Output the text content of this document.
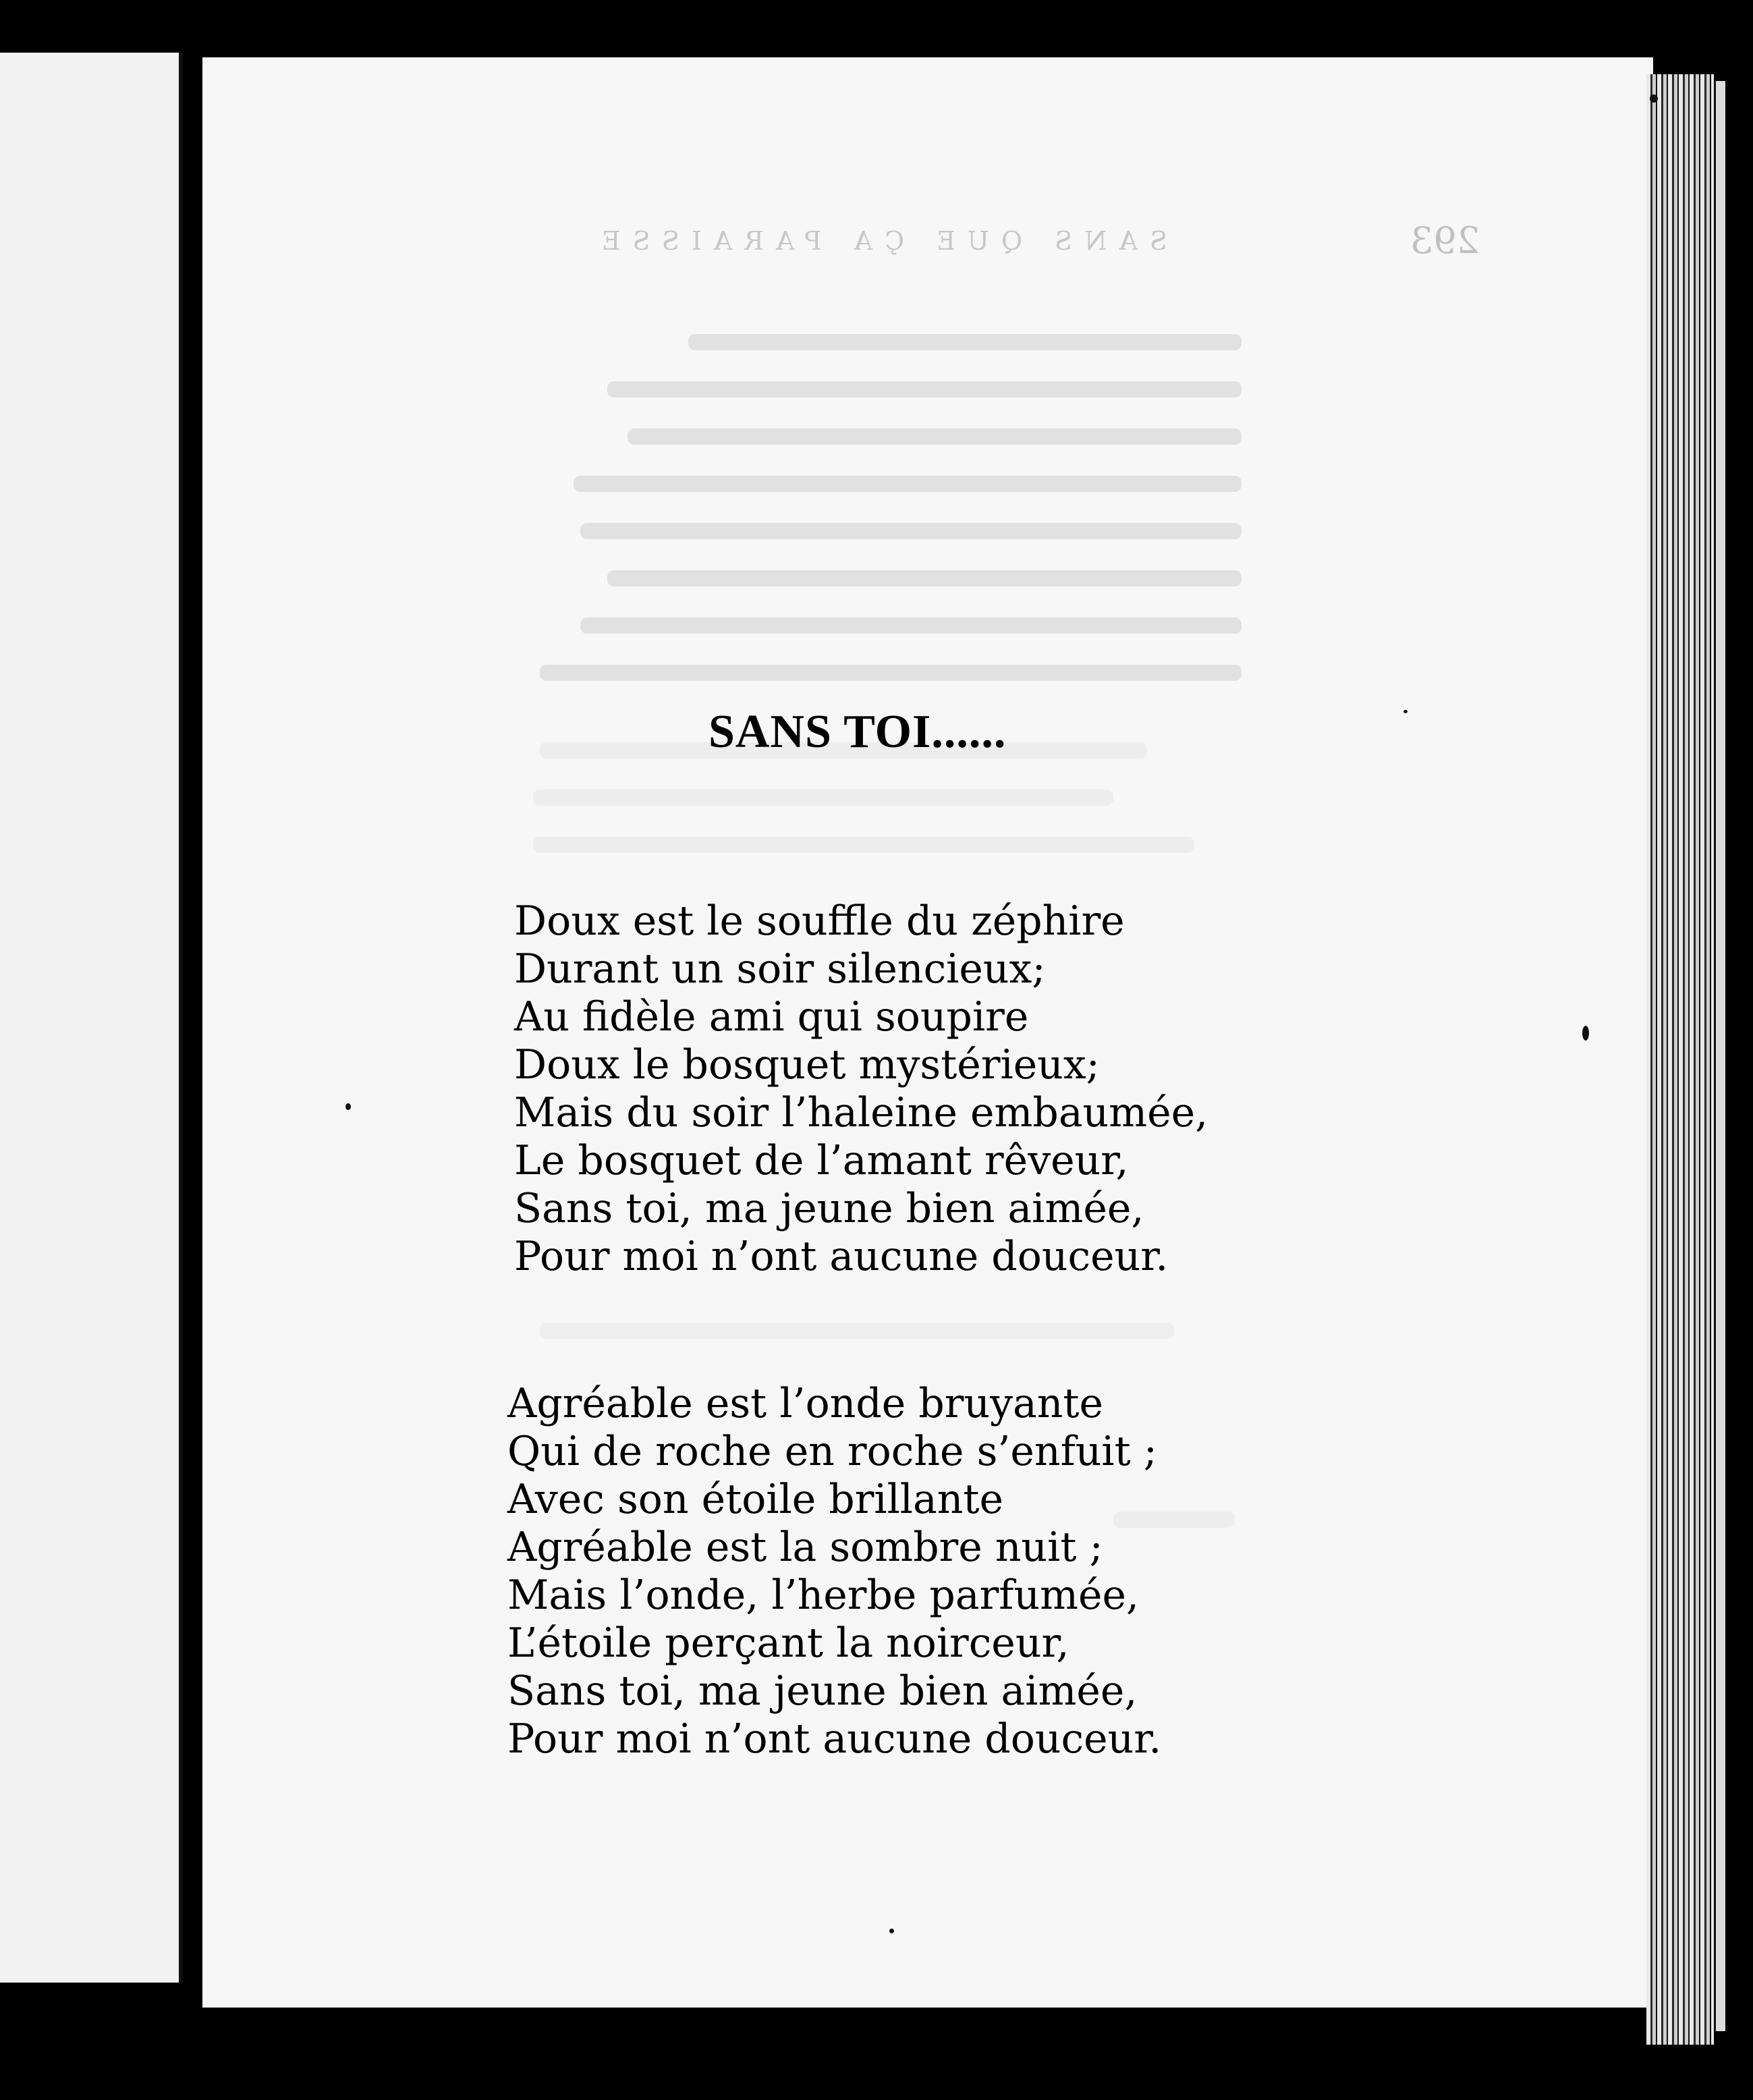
SANS QUE ÇA PARAISSE	293
SANS TOI......
Doux est le souffle du zéphire
Durant un soir silencieux;
Au fidèle ami qui soupire
Doux le bosquet mystérieux;
Mais du soir l’haleine embaumée,
Le bosquet de l’amant rêveur,
Sans toi, ma jeune bien aimée,
Pour moi n’ont aucune douceur.
Agréable est l’onde bruyante
Qui de roche en roche s’enfuit ;
Avec son étoile brillante
Agréable est la sombre nuit ;
Mais l’onde, l’herbe parfumée,
L’étoile perçant la noirceur,
Sans toi, ma jeune bien aimée,
Pour moi n’ont aucune douceur.
